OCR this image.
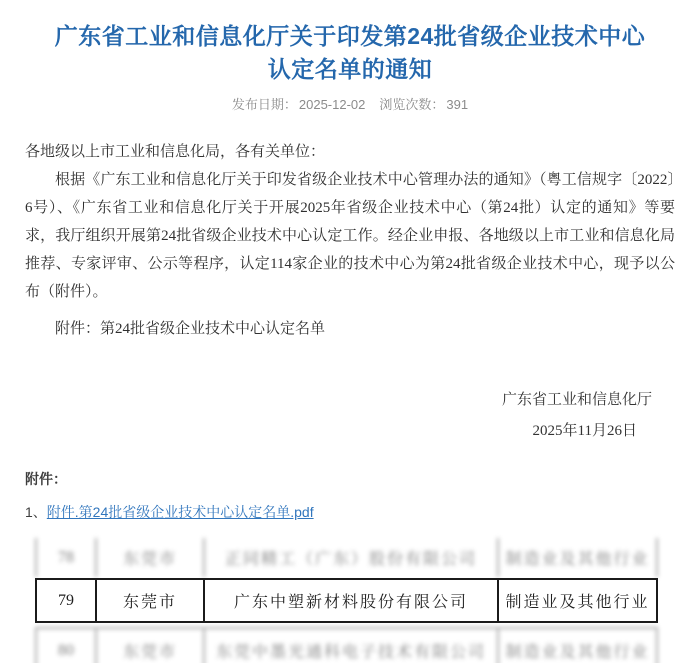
广东省工业和信息化厅关于印发第24批省级企业技术中心认定名单的通知
发布日期： 2025-12-02 浏览次数： 391

各地级以上市工业和信息化局，各有关单位：

根据《广东工业和信息化厅关于印发省级企业技术中心管理办法的通知》（粤工信规字〔2022〕6号）、《广东省工业和信息化厅关于开展2025年省级企业技术中心（第24批）认定的通知》等要求，我厅组织开展第24批省级企业技术中心认定工作。经企业申报、各地级以上市工业和信息化局推荐、专家评审、公示等程序，认定114家企业的技术中心为第24批省级企业技术中心，现予以公布（附件）。

附件：第24批省级企业技术中心认定名单

广东省工业和信息化厅
2025年11月26日
附件：
1、附件.第24批省级企业技术中心认定名单.pdf
78	东莞市	正同精工（广东）股份有限公司	制造业及其他行业
79	东莞市	广东中塑新材料股份有限公司	制造业及其他行业
80	东莞市	东莞中墨光通科电子技术有限公司	制造业及其他行业
